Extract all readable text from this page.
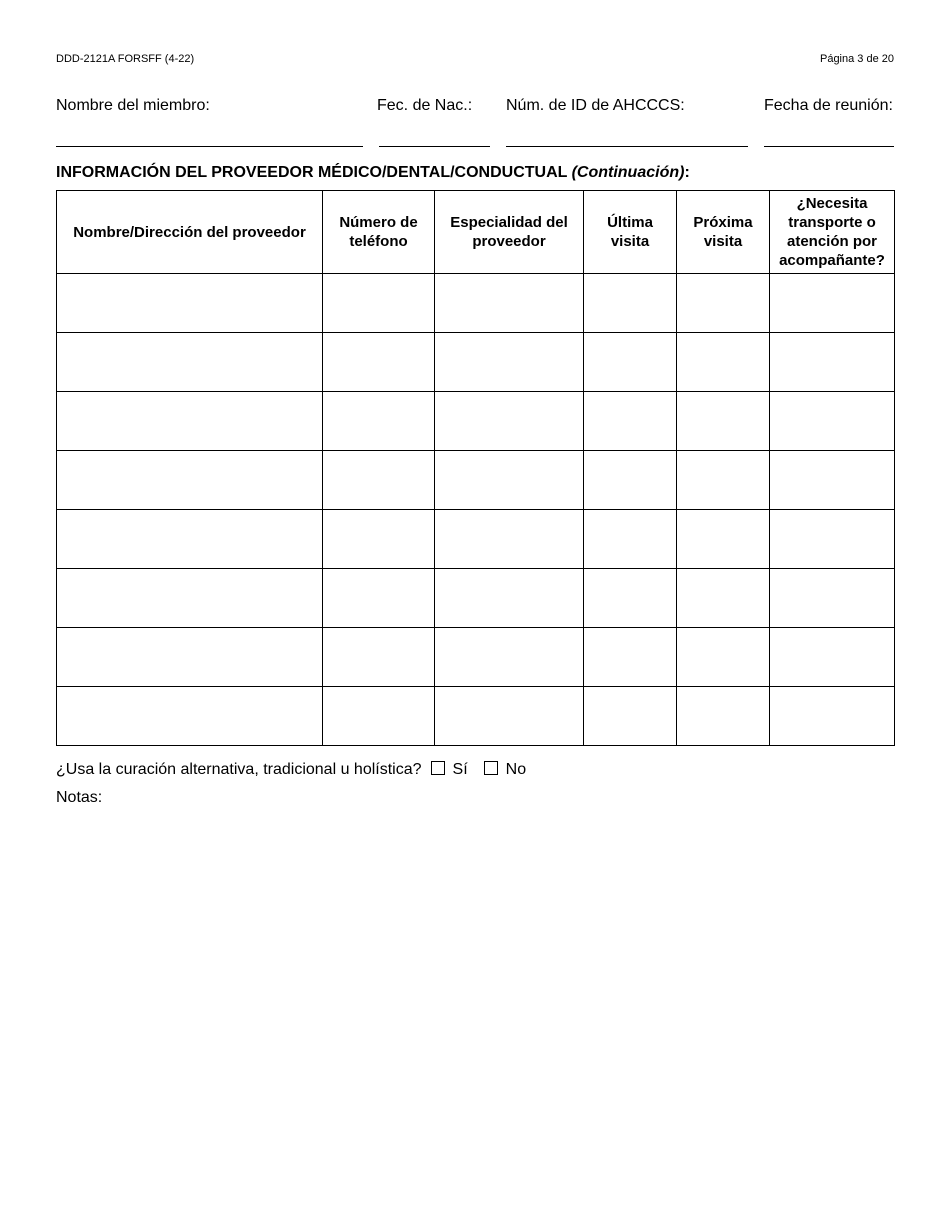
DDD-2121A FORSFF (4-22)	Página 3 de 20
Nombre del miembro:	Fec. de Nac.: Núm. de ID de AHCCCS:	Fecha de reunión:
INFORMACIÓN DEL PROVEEDOR MÉDICO/DENTAL/CONDUCTUAL (Continuación):
Nombre/Dirección del proveedor	Número de teléfono	Especialidad del proveedor	Última visita	Próxima visita	¿Necesita transporte o atención por acompañante?

¿Usa la curación alternativa, tradicional u holística? Sí No
Notas:
